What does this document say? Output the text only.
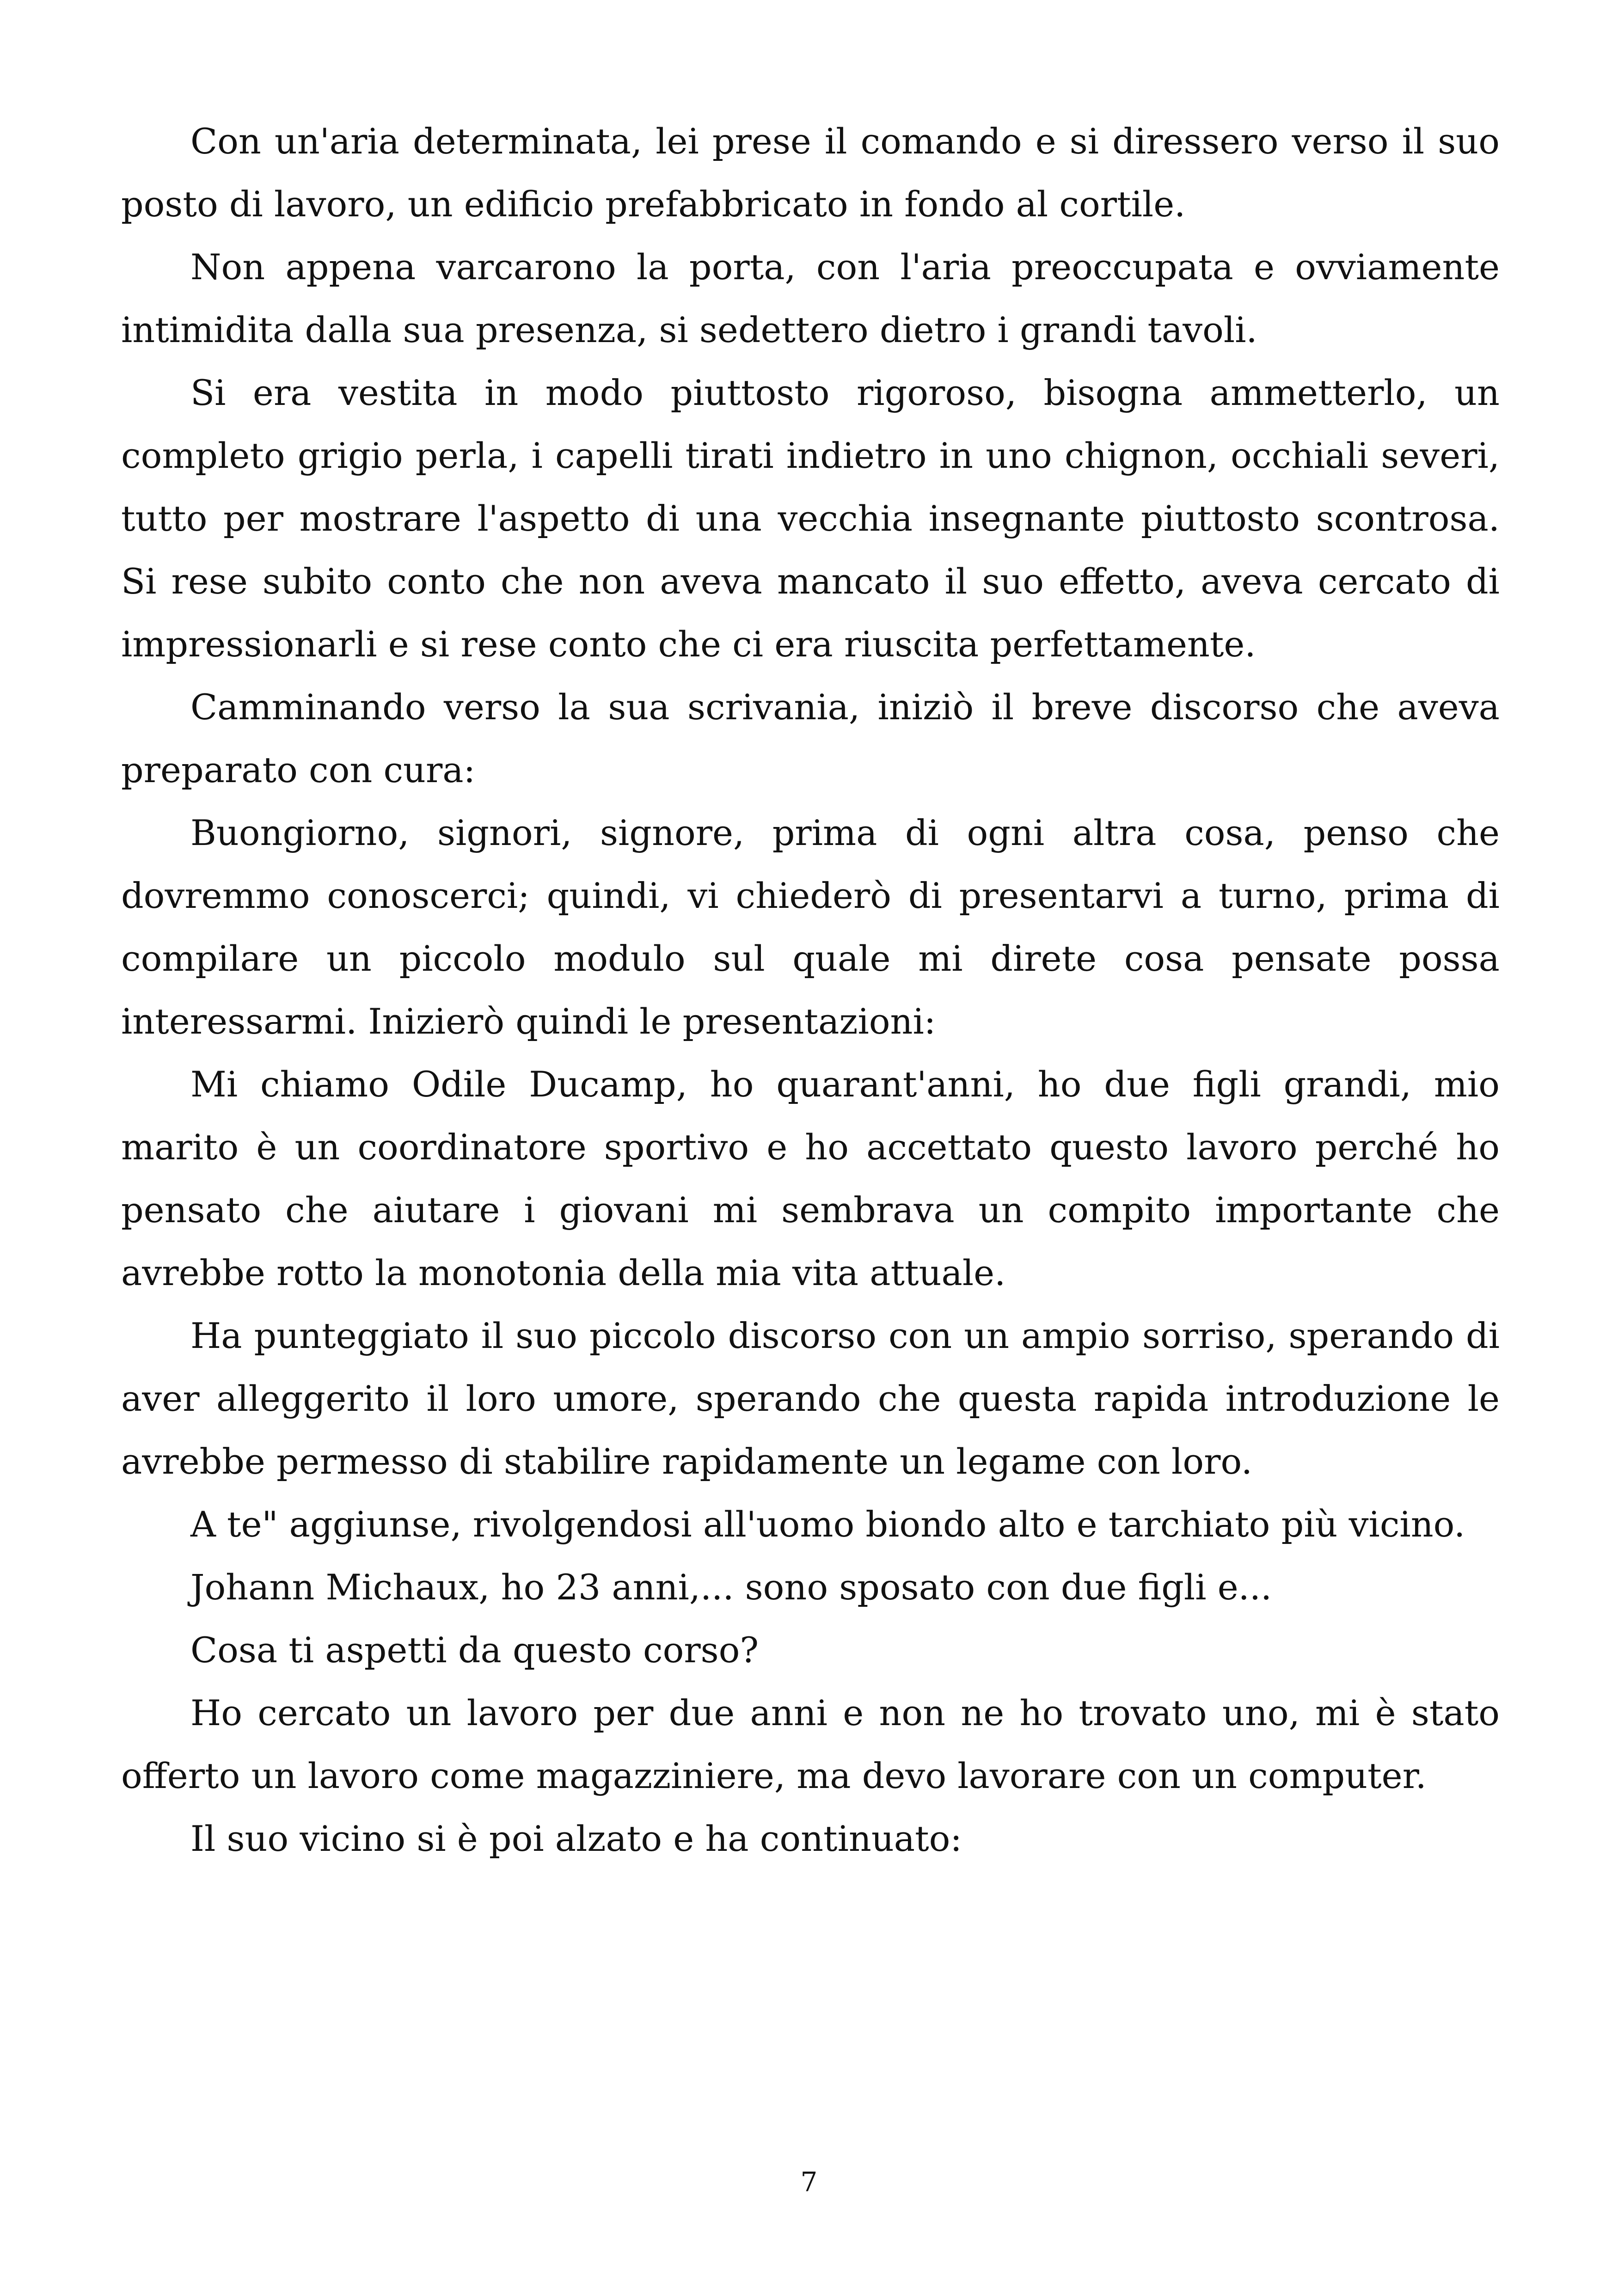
Con un'aria determinata, lei prese il comando e si diressero verso il suo posto di lavoro, un edificio prefabbricato in fondo al cortile.

Non appena varcarono la porta, con l'aria preoccupata e ovviamente intimidita dalla sua presenza, si sedettero dietro i grandi tavoli.

Si era vestita in modo piuttosto rigoroso, bisogna ammetterlo, un completo grigio perla, i capelli tirati indietro in uno chignon, occhiali severi, tutto per mostrare l'aspetto di una vecchia insegnante piuttosto scontrosa. Si rese subito conto che non aveva mancato il suo effetto, aveva cercato di impressionarli e si rese conto che ci era riuscita perfettamente.

Camminando verso la sua scrivania, iniziò il breve discorso che aveva preparato con cura:

Buongiorno, signori, signore, prima di ogni altra cosa, penso che dovremmo conoscerci; quindi, vi chiederò di presentarvi a turno, prima di compilare un piccolo modulo sul quale mi direte cosa pensate possa interessarmi. Inizierò quindi le presentazioni:

Mi chiamo Odile Ducamp, ho quarant'anni, ho due figli grandi, mio marito è un coordinatore sportivo e ho accettato questo lavoro perché ho pensato che aiutare i giovani mi sembrava un compito importante che avrebbe rotto la monotonia della mia vita attuale.

Ha punteggiato il suo piccolo discorso con un ampio sorriso, sperando di aver alleggerito il loro umore, sperando che questa rapida introduzione le avrebbe permesso di stabilire rapidamente un legame con loro.

A te" aggiunse, rivolgendosi all'uomo biondo alto e tarchiato più vicino.

Johann Michaux, ho 23 anni,... sono sposato con due figli e...

Cosa ti aspetti da questo corso?

Ho cercato un lavoro per due anni e non ne ho trovato uno, mi è stato offerto un lavoro come magazziniere, ma devo lavorare con un computer.

Il suo vicino si è poi alzato e ha continuato:

7
